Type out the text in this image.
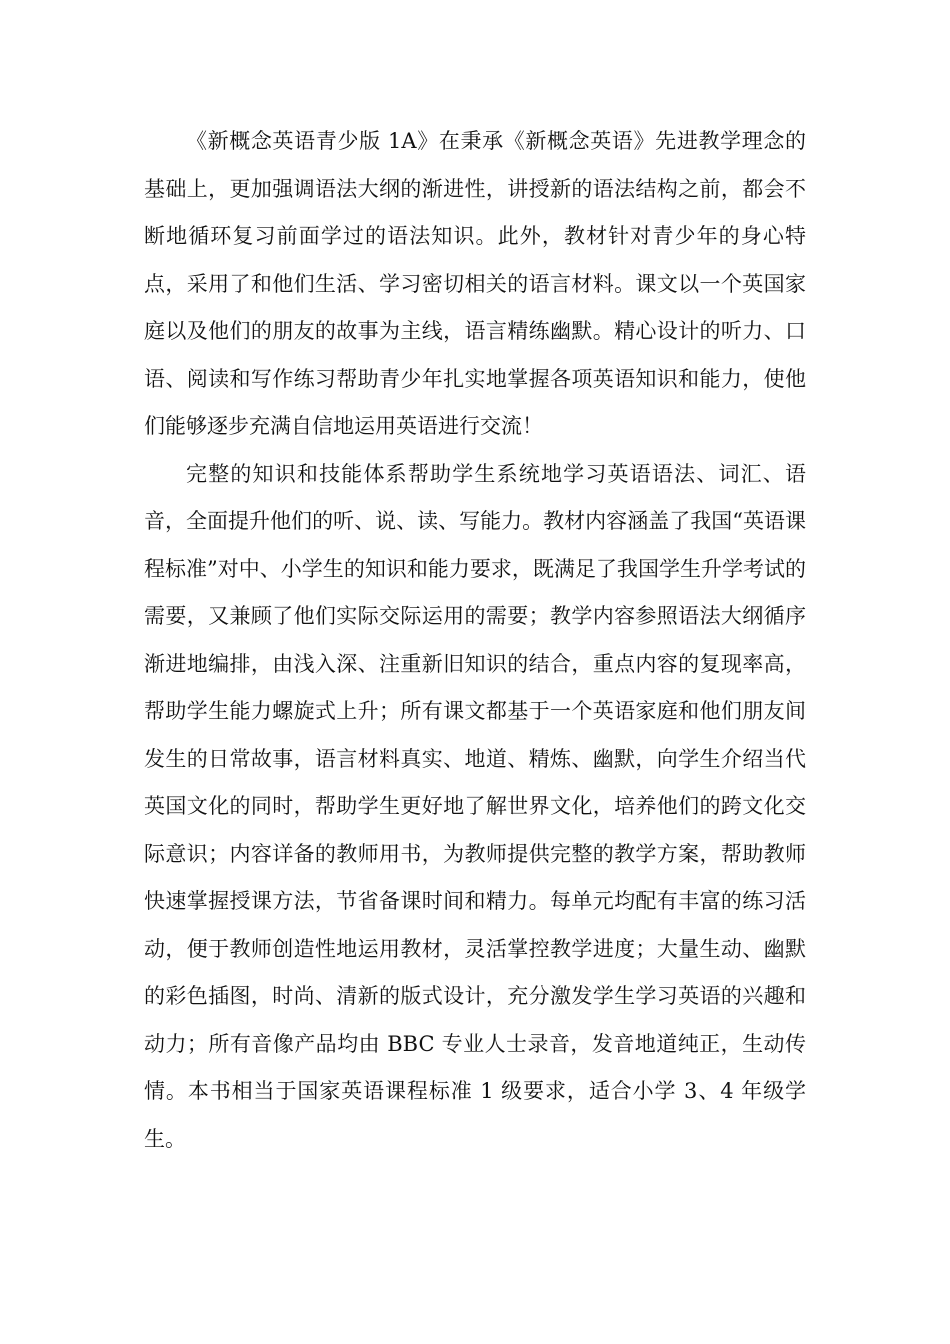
《新概念英语青少版 1A》在秉承《新概念英语》先进教学理念的基础上，更加强调语法大纲的渐进性，讲授新的语法结构之前，都会不断地循环复习前面学过的语法知识。此外，教材针对青少年的身心特点，采用了和他们生活、学习密切相关的语言材料。课文以一个英国家庭以及他们的朋友的故事为主线，语言精练幽默。精心设计的听力、口语、阅读和写作练习帮助青少年扎实地掌握各项英语知识和能力，使他们能够逐步充满自信地运用英语进行交流！

完整的知识和技能体系帮助学生系统地学习英语语法、词汇、语音，全面提升他们的听、说、读、写能力。教材内容涵盖了我国“英语课程标准”对中、小学生的知识和能力要求，既满足了我国学生升学考试的需要，又兼顾了他们实际交际运用的需要；教学内容参照语法大纲循序渐进地编排，由浅入深、注重新旧知识的结合，重点内容的复现率高，帮助学生能力螺旋式上升；所有课文都基于一个英语家庭和他们朋友间发生的日常故事，语言材料真实、地道、精炼、幽默，向学生介绍当代英国文化的同时，帮助学生更好地了解世界文化，培养他们的跨文化交际意识；内容详备的教师用书，为教师提供完整的教学方案，帮助教师快速掌握授课方法，节省备课时间和精力。每单元均配有丰富的练习活动，便于教师创造性地运用教材，灵活掌控教学进度；大量生动、幽默的彩色插图，时尚、清新的版式设计，充分激发学生学习英语的兴趣和动力；所有音像产品均由 BBC 专业人士录音，发音地道纯正，生动传情。本书相当于国家英语课程标准 1 级要求，适合小学 3、4 年级学生。
